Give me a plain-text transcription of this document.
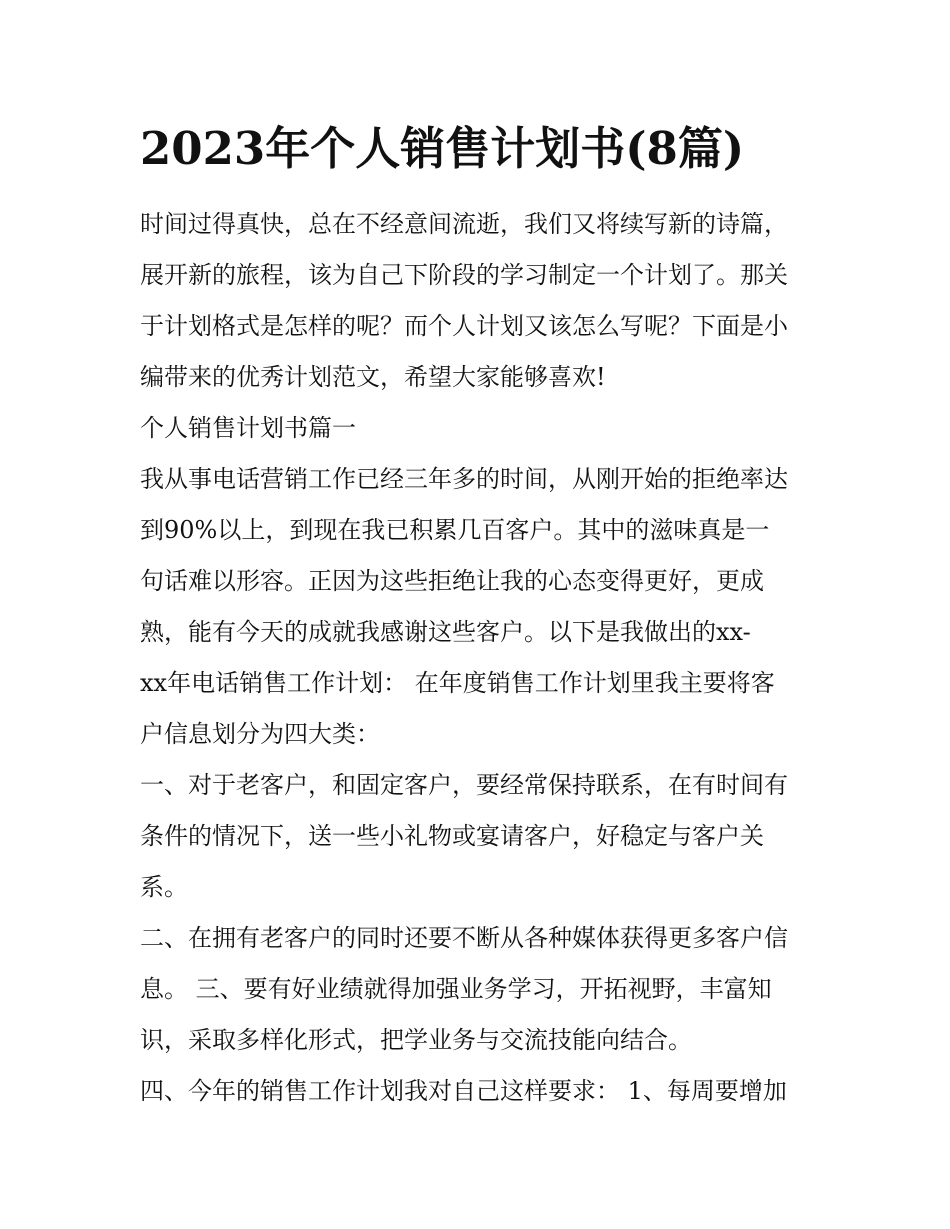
2023年个人销售计划书(8篇)

时间过得真快，总在不经意间流逝，我们又将续写新的诗篇，

展开新的旅程，该为自己下阶段的学习制定一个计划了。那关

于计划格式是怎样的呢？而个人计划又该怎么写呢？下面是小

编带来的优秀计划范文，希望大家能够喜欢!

个人销售计划书篇一

我从事电话营销工作已经三年多的时间，从刚开始的拒绝率达

到90%以上，到现在我已积累几百客户。其中的滋味真是一

句话难以形容。正因为这些拒绝让我的心态变得更好，更成

熟，能有今天的成就我感谢这些客户。以下是我做出的xx-

xx年电话销售工作计划： 在年度销售工作计划里我主要将客

户信息划分为四大类：

一、对于老客户，和固定客户，要经常保持联系，在有时间有

条件的情况下，送一些小礼物或宴请客户，好稳定与客户关

系。

二、在拥有老客户的同时还要不断从各种媒体获得更多客户信

息。 三、要有好业绩就得加强业务学习，开拓视野，丰富知

识，采取多样化形式，把学业务与交流技能向结合。

四、今年的销售工作计划我对自己这样要求： 1、每周要增加
